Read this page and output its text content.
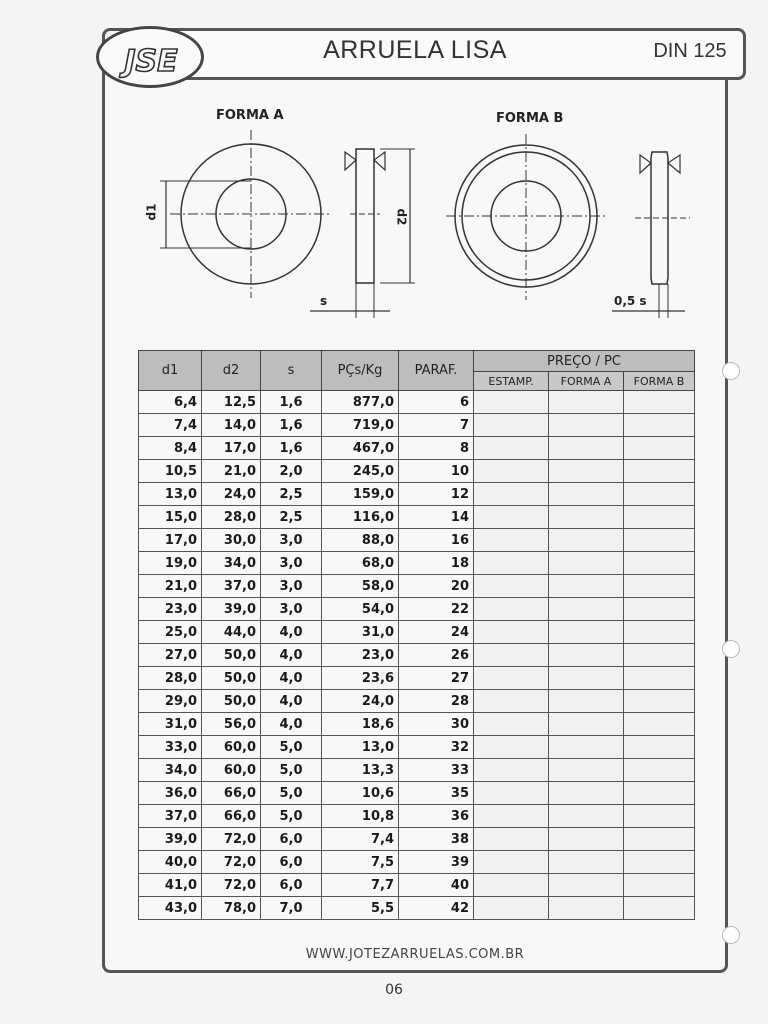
JSE	ARRUELA LISA	DIN 125
FORMA A	FORMA B
d1	d2
s	0,5 s
d1	d2	s	PÇs/Kg	PARAF.	PREÇO / PC		
					ESTAMP.	FORMA A	FORMA B
6,4	12,5	1,6	877,0	6			
7,4	14,0	1,6	719,0	7			
8,4	17,0	1,6	467,0	8			
10,5	21,0	2,0	245,0	10			
13,0	24,0	2,5	159,0	12			
15,0	28,0	2,5	116,0	14			
17,0	30,0	3,0	88,0	16			
19,0	34,0	3,0	68,0	18			
21,0	37,0	3,0	58,0	20			
23,0	39,0	3,0	54,0	22			
25,0	44,0	4,0	31,0	24			
27,0	50,0	4,0	23,0	26			
28,0	50,0	4,0	23,6	27			
29,0	50,0	4,0	24,0	28			
31,0	56,0	4,0	18,6	30			
33,0	60,0	5,0	13,0	32			
34,0	60,0	5,0	13,3	33			
36,0	66,0	5,0	10,6	35			
37,0	66,0	5,0	10,8	36			
39,0	72,0	6,0	7,4	38			
40,0	72,0	6,0	7,5	39			
41,0	72,0	6,0	7,7	40			
43,0	78,0	7,0	5,5	42			
WWW.JOTEZARRUELAS.COM.BR
06
